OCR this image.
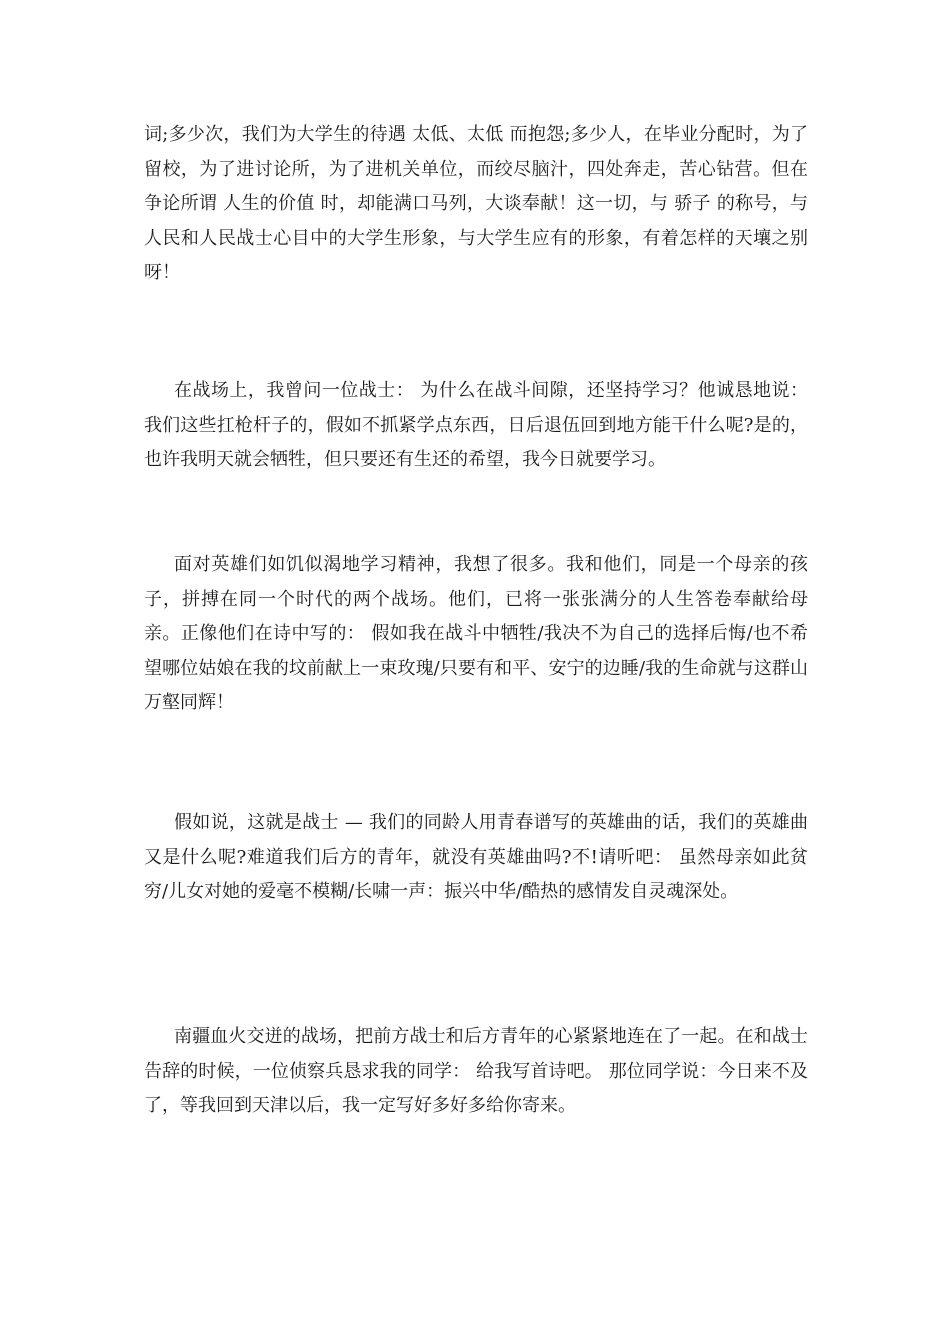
词;多少次，我们为大学生的待遇 太低、太低 而抱怨;多少人，在毕业分配时，为了留校，为了进讨论所，为了进机关单位，而绞尽脑汁，四处奔走，苦心钻营。但在争论所谓 人生的价值 时，却能满口马列，大谈奉献！这一切，与 骄子 的称号，与人民和人民战士心目中的大学生形象，与大学生应有的形象，有着怎样的天壤之别呀！

在战场上，我曾问一位战士： 为什么在战斗间隙，还坚持学习？他诚恳地说： 我们这些扛枪杆子的，假如不抓紧学点东西，日后退伍回到地方能干什么呢?是的，也许我明天就会牺牲，但只要还有生还的希望，我今日就要学习。

面对英雄们如饥似渴地学习精神，我想了很多。我和他们，同是一个母亲的孩子，拼搏在同一个时代的两个战场。他们，已将一张张满分的人生答卷奉献给母亲。正像他们在诗中写的： 假如我在战斗中牺牲/我决不为自己的选择后悔/也不希望哪位姑娘在我的坟前献上一束玫瑰/只要有和平、安宁的边睡/我的生命就与这群山万壑同辉！

假如说，这就是战士 — 我们的同龄人用青春谱写的英雄曲的话，我们的英雄曲又是什么呢?难道我们后方的青年，就没有英雄曲吗?不!请听吧： 虽然母亲如此贫穷/儿女对她的爱毫不模糊/长啸一声：振兴中华/酷热的感情发自灵魂深处。

南疆血火交迸的战场，把前方战士和后方青年的心紧紧地连在了一起。在和战士告辞的时候，一位侦察兵恳求我的同学： 给我写首诗吧。 那位同学说：今日来不及了，等我回到天津以后，我一定写好多好多给你寄来。
